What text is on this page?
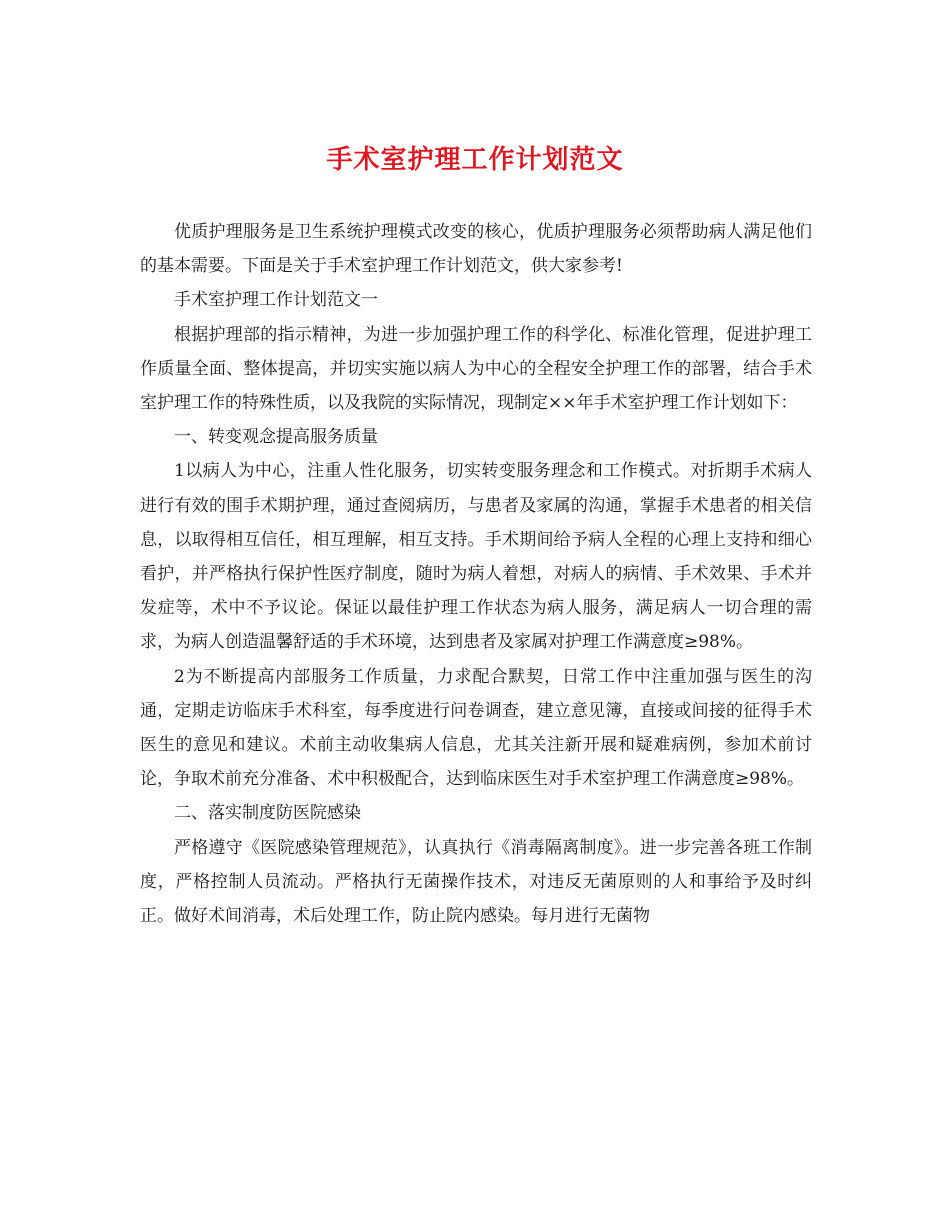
手术室护理工作计划范文

优质护理服务是卫生系统护理模式改变的核心，优质护理服务必须帮助病人满足他们的基本需要。下面是关于手术室护理工作计划范文，供大家参考!

手术室护理工作计划范文一

根据护理部的指示精神，为进一步加强护理工作的科学化、标准化管理，促进护理工作质量全面、整体提高，并切实实施以病人为中心的全程安全护理工作的部署，结合手术室护理工作的特殊性质，以及我院的实际情况，现制定××年手术室护理工作计划如下：

一、转变观念提高服务质量

1以病人为中心，注重人性化服务，切实转变服务理念和工作模式。对折期手术病人进行有效的围手术期护理，通过查阅病历，与患者及家属的沟通，掌握手术患者的相关信息，以取得相互信任，相互理解，相互支持。手术期间给予病人全程的心理上支持和细心看护，并严格执行保护性医疗制度，随时为病人着想，对病人的病情、手术效果、手术并发症等，术中不予议论。保证以最佳护理工作状态为病人服务，满足病人一切合理的需求，为病人创造温馨舒适的手术环境，达到患者及家属对护理工作满意度≥98%。

2为不断提高内部服务工作质量，力求配合默契，日常工作中注重加强与医生的沟通，定期走访临床手术科室，每季度进行问卷调查，建立意见簿，直接或间接的征得手术医生的意见和建议。术前主动收集病人信息，尤其关注新开展和疑难病例，参加术前讨论，争取术前充分准备、术中积极配合，达到临床医生对手术室护理工作满意度≥98%。

二、落实制度防医院感染

严格遵守《医院感染管理规范》，认真执行《消毒隔离制度》。进一步完善各班工作制度，严格控制人员流动。严格执行无菌操作技术，对违反无菌原则的人和事给予及时纠正。做好术间消毒，术后处理工作，防止院内感染。每月进行无菌物
